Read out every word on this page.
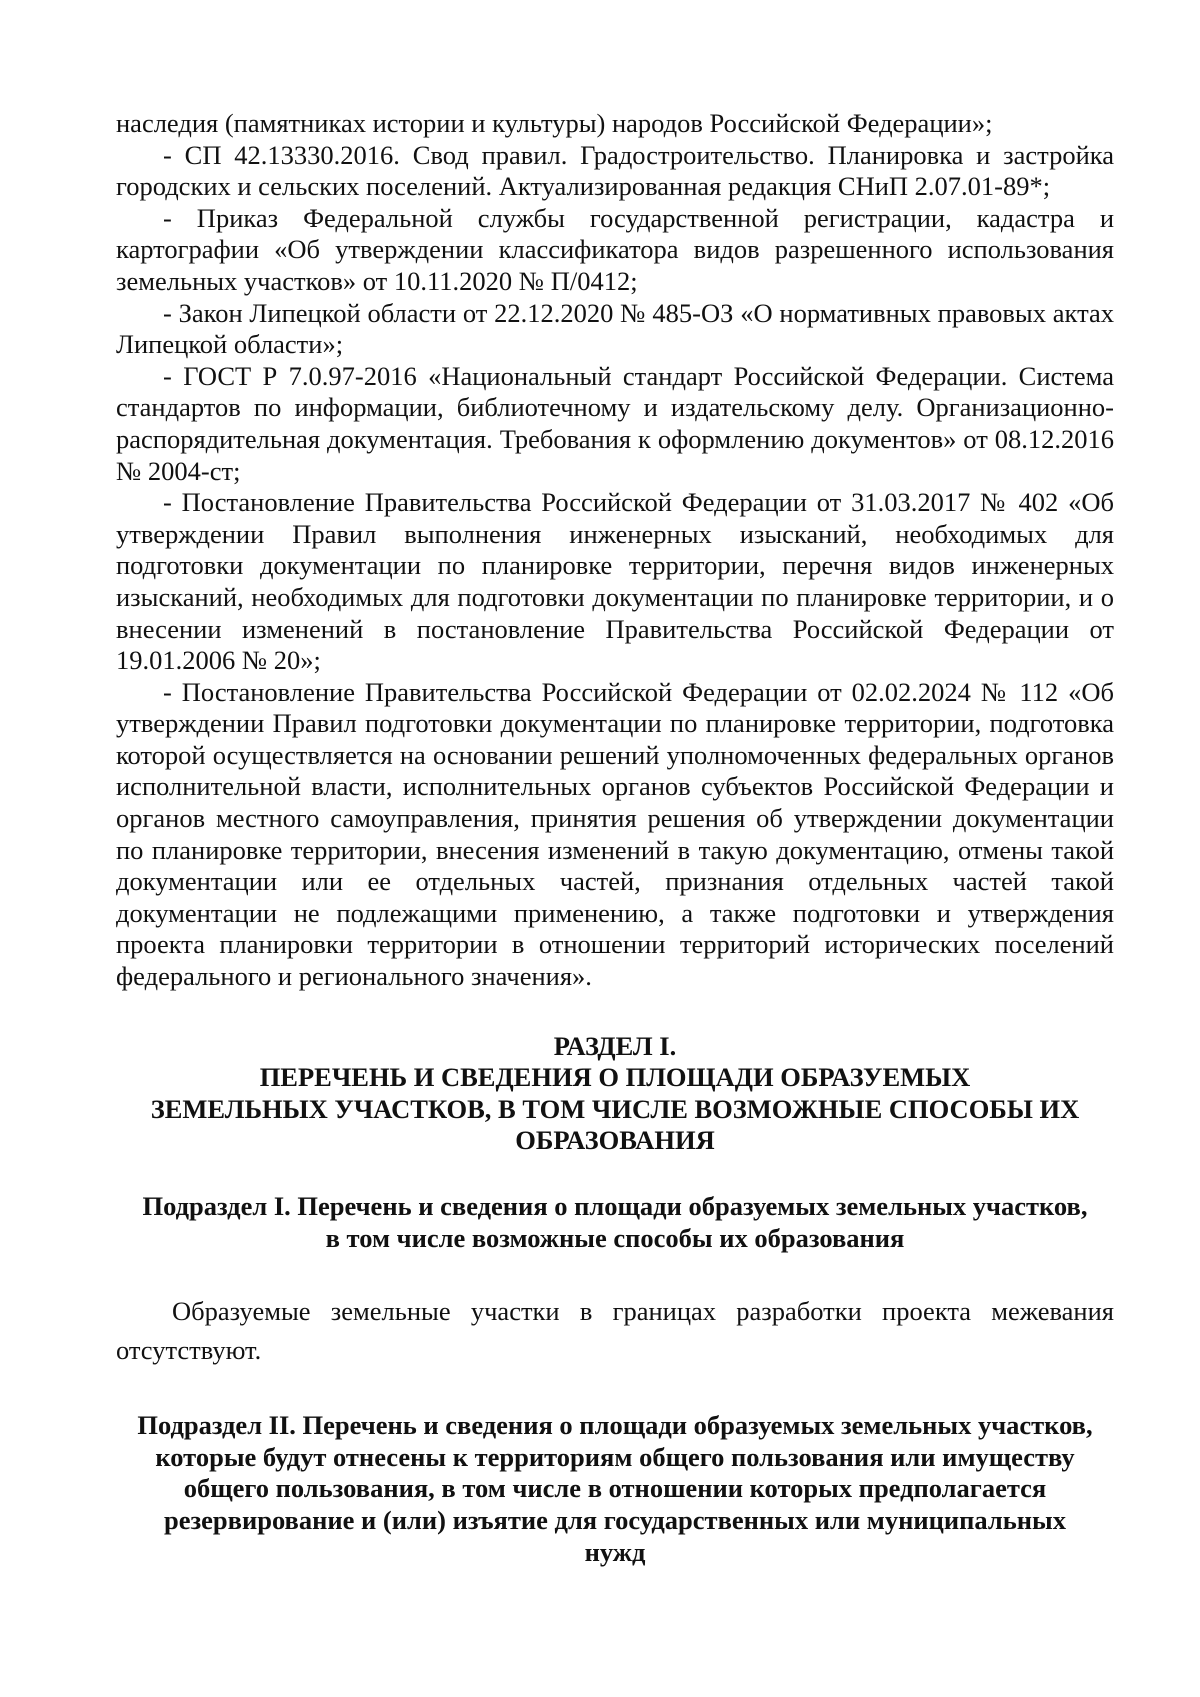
наследия (памятниках истории и культуры) народов Российской Федерации»;

- СП 42.13330.2016. Свод правил. Градостроительство. Планировка и застройка городских и сельских поселений. Актуализированная редакция СНиП 2.07.01-89*;

- Приказ Федеральной службы государственной регистрации, кадастра и картографии «Об утверждении классификатора видов разрешенного использования земельных участков» от 10.11.2020 № П/0412;

- Закон Липецкой области от 22.12.2020 № 485-ОЗ «О нормативных правовых актах Липецкой области»;

- ГОСТ Р 7.0.97-2016 «Национальный стандарт Российской Федерации. Система стандартов по информации, библиотечному и издательскому делу. Организационно-распорядительная документация. Требования к оформлению документов» от 08.12.2016 № 2004-ст;

- Постановление Правительства Российской Федерации от 31.03.2017 № 402 «Об утверждении Правил выполнения инженерных изысканий, необходимых для подготовки документации по планировке территории, перечня видов инженерных изысканий, необходимых для подготовки документации по планировке территории, и о внесении изменений в постановление Правительства Российской Федерации от 19.01.2006 № 20»;

- Постановление Правительства Российской Федерации от 02.02.2024 № 112 «Об утверждении Правил подготовки документации по планировке территории, подготовка которой осуществляется на основании решений уполномоченных федеральных органов исполнительной власти, исполнительных органов субъектов Российской Федерации и органов местного самоуправления, принятия решения об утверждении документации по планировке территории, внесения изменений в такую документацию, отмены такой документации или ее отдельных частей, признания отдельных частей такой документации не подлежащими применению, а также подготовки и утверждения проекта планировки территории в отношении территорий исторических поселений федерального и регионального значения».

РАЗДЕЛ I.

ПЕРЕЧЕНЬ И СВЕДЕНИЯ О ПЛОЩАДИ ОБРАЗУЕМЫХ

ЗЕМЕЛЬНЫХ УЧАСТКОВ, В ТОМ ЧИСЛЕ ВОЗМОЖНЫЕ СПОСОБЫ ИХ

ОБРАЗОВАНИЯ

Подраздел I. Перечень и сведения о площади образуемых земельных участков,

в том числе возможные способы их образования

Образуемые земельные участки в границах разработки проекта межевания отсутствуют.

Подраздел II. Перечень и сведения о площади образуемых земельных участков,

которые будут отнесены к территориям общего пользования или имуществу

общего пользования, в том числе в отношении которых предполагается

резервирование и (или) изъятие для государственных или муниципальных

нужд
